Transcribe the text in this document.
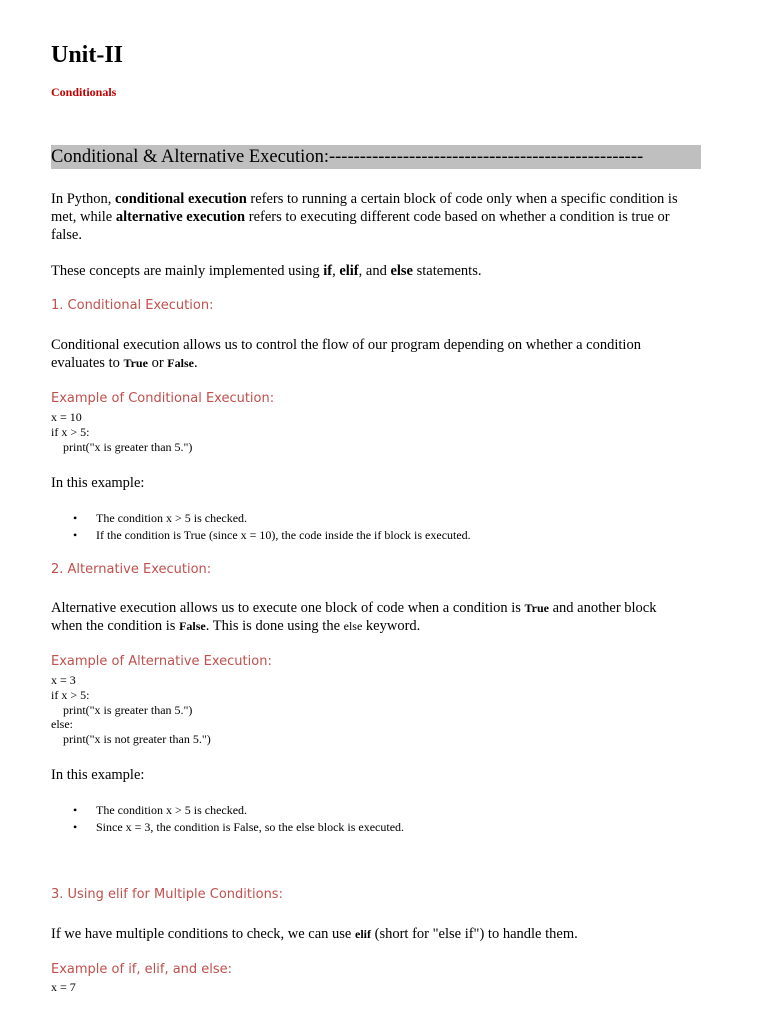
Unit-II
Conditionals
Conditional & Alternative Execution:---------------------------------------------------
In Python, conditional execution refers to running a certain block of code only when a specific condition is
met, while alternative execution refers to executing different code based on whether a condition is true or
false.
These concepts are mainly implemented using if, elif, and else statements.
1. Conditional Execution:
Conditional execution allows us to control the flow of our program depending on whether a condition
evaluates to True or False.
Example of Conditional Execution:
x = 10
if x > 5:
print("x is greater than 5.")
In this example:
• The condition x > 5 is checked.
• If the condition is True (since x = 10), the code inside the if block is executed.
2. Alternative Execution:
Alternative execution allows us to execute one block of code when a condition is True and another block
when the condition is False. This is done using the else keyword.
Example of Alternative Execution:
x = 3
if x > 5:
print("x is greater than 5.")
else:
print("x is not greater than 5.")
In this example:
• The condition x > 5 is checked.
• Since x = 3, the condition is False, so the else block is executed.
3. Using elif for Multiple Conditions:
If we have multiple conditions to check, we can use elif (short for "else if") to handle them.
Example of if, elif, and else:
x = 7
